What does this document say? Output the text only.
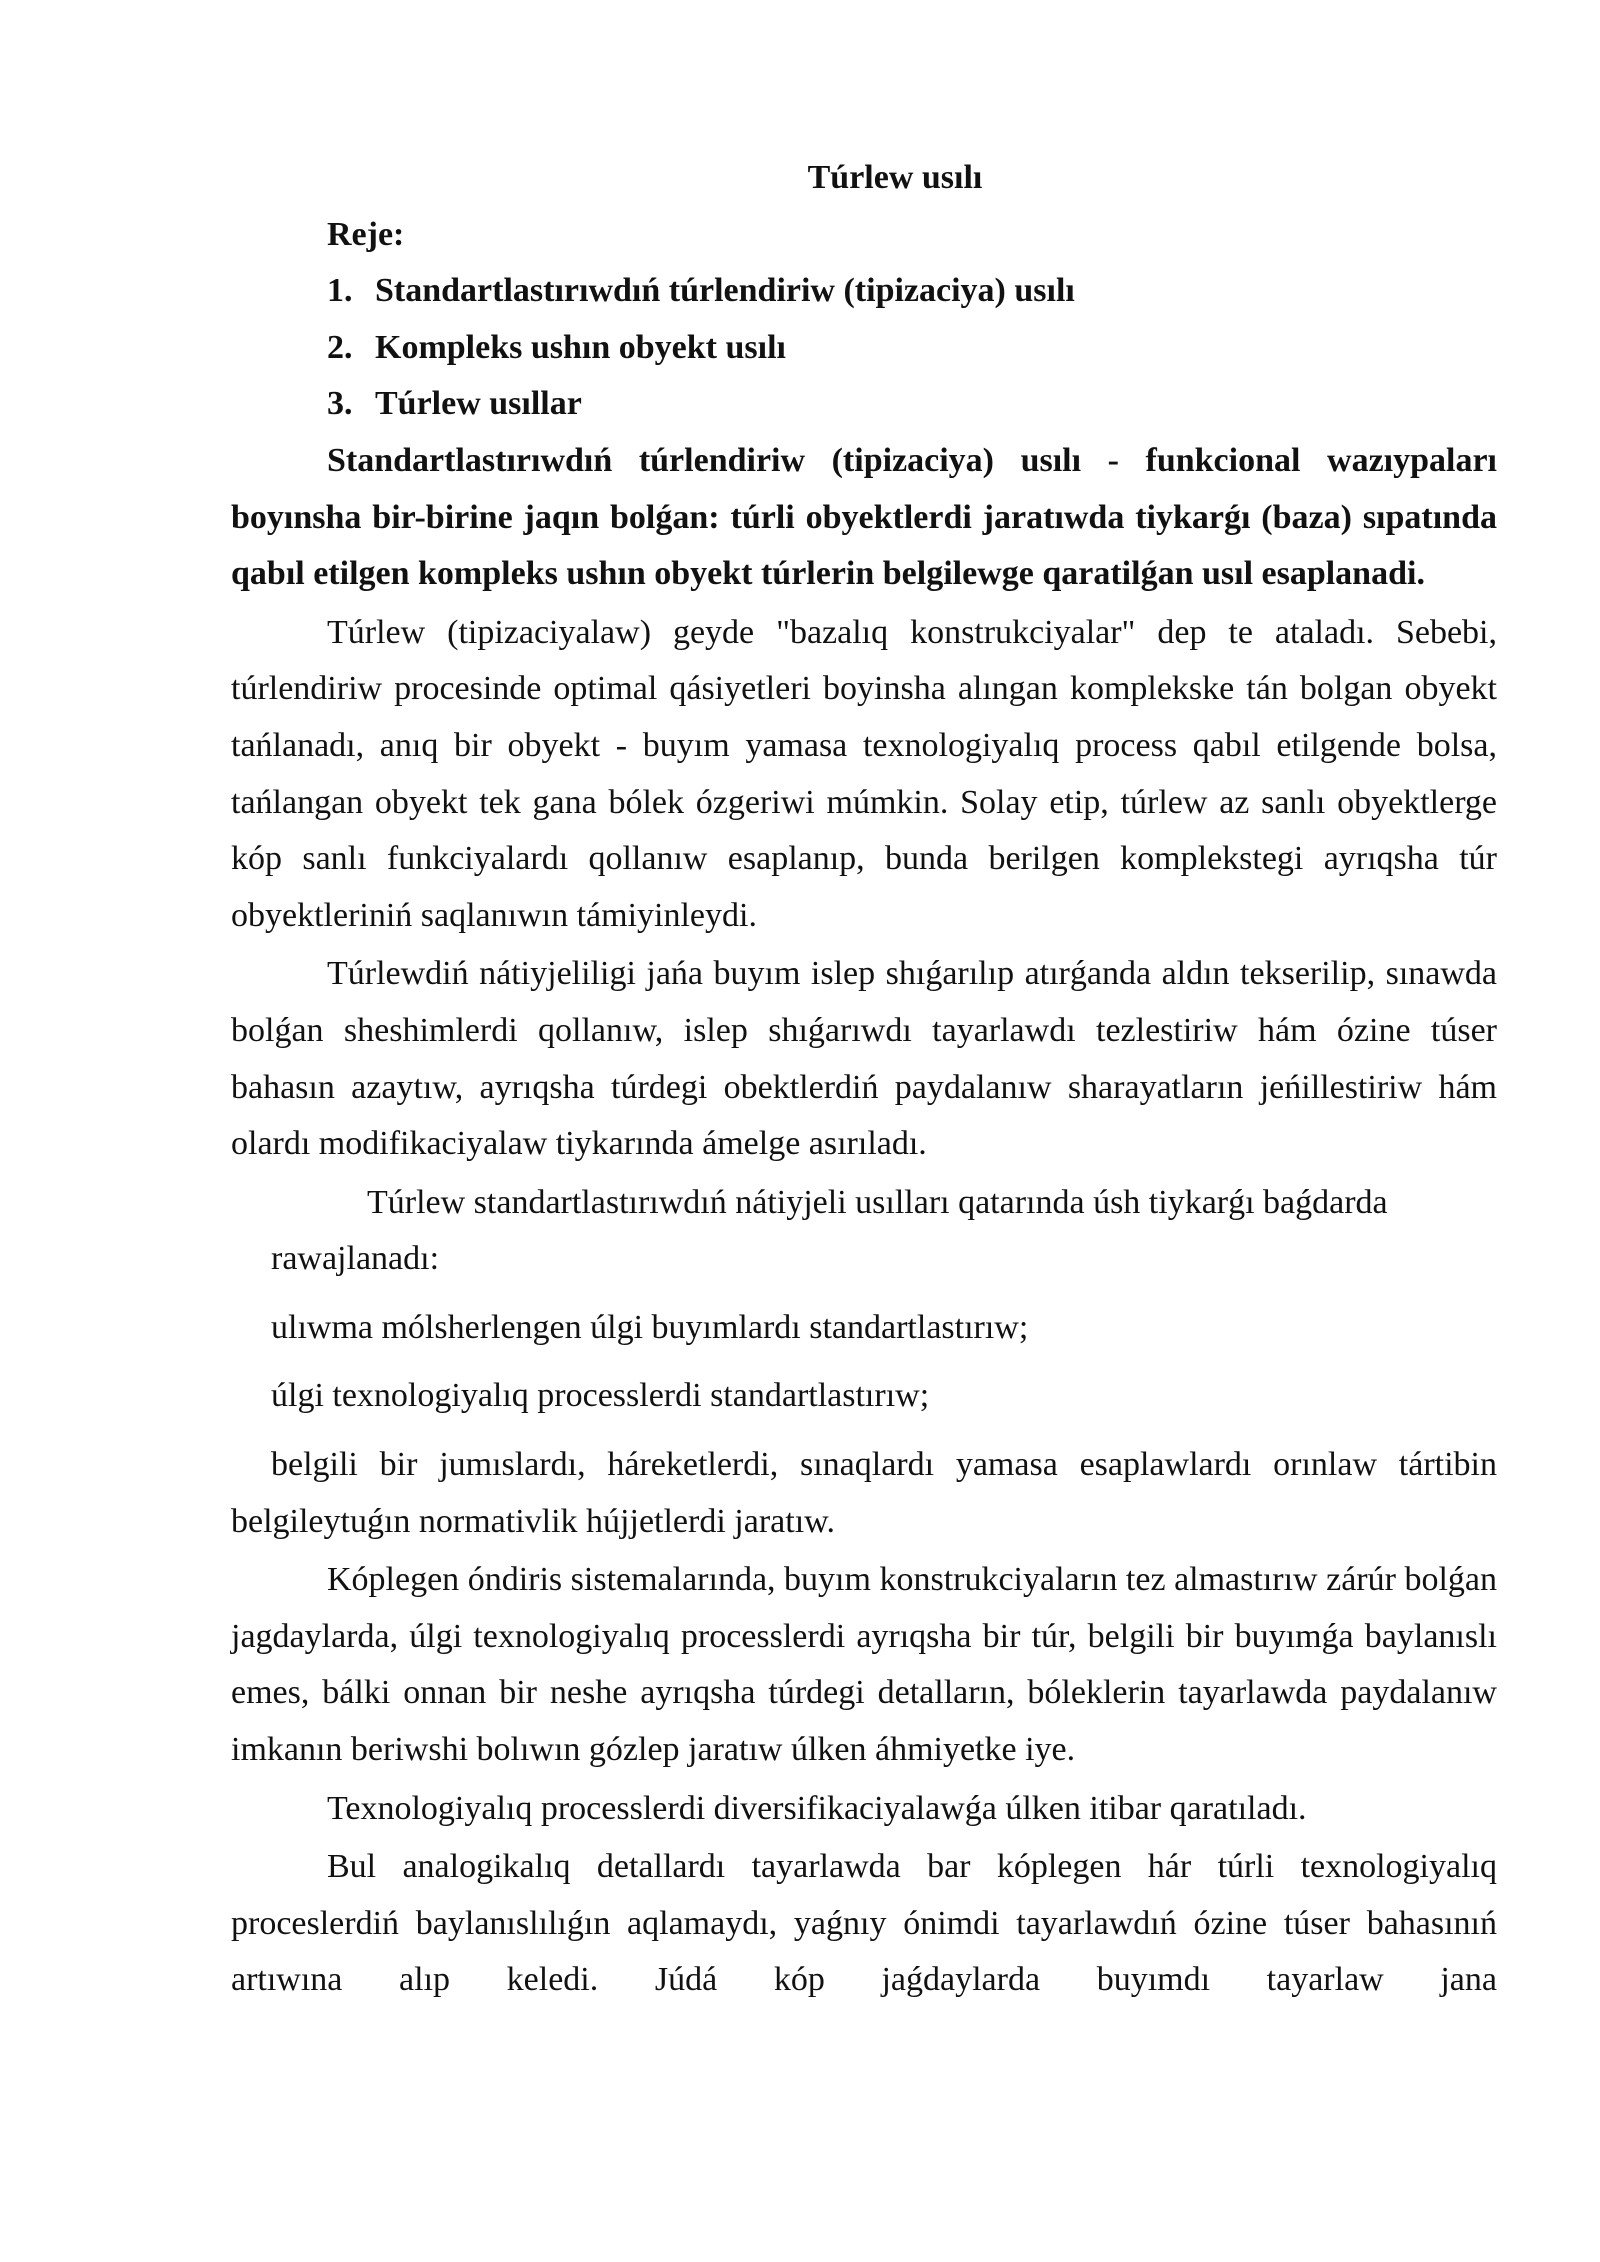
Túrlew usılı

Reje:

1. Standartlastırıwdıń túrlendiriw (tipizaciya) usılı
2. Kompleks ushın obyekt usılı
3. Túrlew usıllar

Standartlastırıwdıń túrlendiriw (tipizaciya) usılı - funkcional wazıypaları boyınsha bir-birine jaqın bolǵan: túrli obyektlerdi jaratıwda tiykarǵı (baza) sıpatında qabıl etilgen kompleks ushın obyekt túrlerin belgilewge qaratilǵan usıl esaplanadi.

Túrlew (tipizaciyalaw) geyde "bazalıq konstrukciyalar" dep te ataladı. Sebebi, túrlendiriw procesinde optimal qásiyetleri boyinsha alıngan komplekske tán bolgan obyekt tańlanadı, anıq bir obyekt - buyım yamasa texnologiyalıq process qabıl etilgende bolsa, tańlangan obyekt tek gana bólek ózgeriwi múmkin. Solay etip, túrlew az sanlı obyektlerge kóp sanlı funkciyalardı qollanıw esaplanıp, bunda berilgen komplekstegi ayrıqsha túr obyektleriniń saqlanıwın támiyinleydi.

Túrlewdiń nátiyjeliligi jańa buyım islep shıǵarılıp atırǵanda aldın tekserilip, sınawda bolǵan sheshimlerdi qollanıw, islep shıǵarıwdı tayarlawdı tezlestiriw hám ózine túser bahasın azaytıw, ayrıqsha túrdegi obektlerdiń paydalanıw sharayatların jeńillestiriw hám olardı modifikaciyalaw tiykarında ámelge asırıladı.

Túrlew standartlastırıwdıń nátiyjeli usılları qatarında úsh tiykarǵı baǵdarda
rawajlanadı:

ulıwma mólsherlengen úlgi buyımlardı standartlastırıw;

úlgi texnologiyalıq processlerdi standartlastırıw;

belgili bir jumıslardı, háreketlerdi, sınaqlardı yamasa esaplawlardı orınlaw tártibin belgileytuǵın normativlik hújjetlerdi jaratıw.

Kóplegen óndiris sistemalarında, buyım konstrukciyaların tez almastırıw zárúr bolǵan jagdaylarda, úlgi texnologiyalıq processlerdi ayrıqsha bir túr, belgili bir buyımǵa baylanıslı emes, bálki onnan bir neshe ayrıqsha túrdegi detalların, bóleklerin tayarlawda paydalanıw imkanın beriwshi bolıwın gózlep jaratıw úlken áhmiyetke iye.

Texnologiyalıq processlerdi diversifikaciyalawǵa úlken itibar qaratıladı.

Bul analogikalıq detallardı tayarlawda bar kóplegen hár túrli texnologiyalıq proceslerdiń baylanıslılıǵın aqlamaydı, yaǵnıy ónimdi tayarlawdıń ózine túser bahasınıń artıwına alıp keledi. Júdá kóp jaǵdaylarda buyımdı tayarlaw jana
